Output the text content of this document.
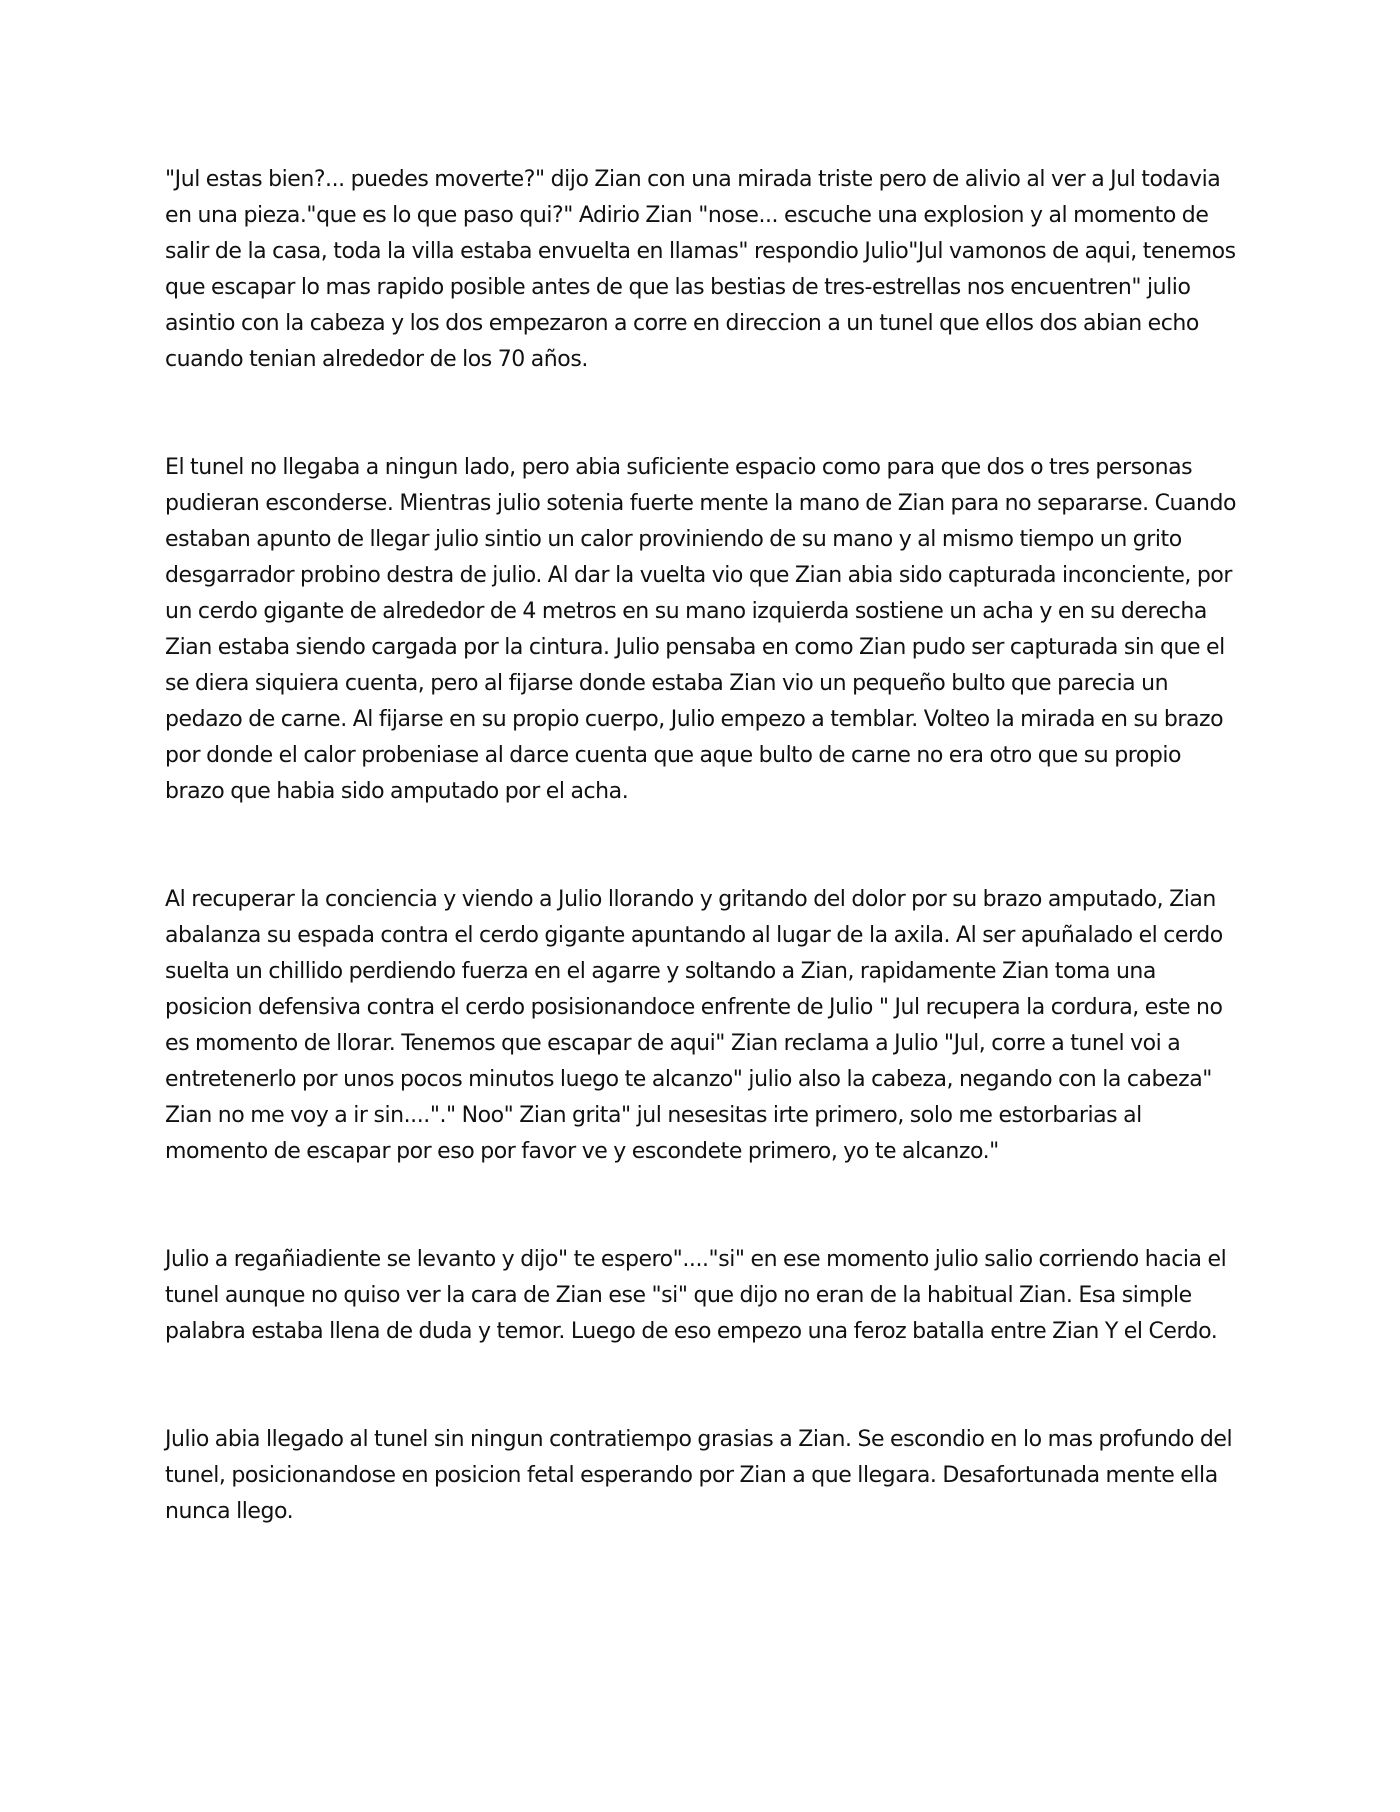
"Jul estas bien?... puedes moverte?" dijo Zian con una mirada triste pero de alivio al ver a Jul todavia en una pieza."que es lo que paso qui?" Adirio Zian "nose... escuche una explosion y al momento de salir de la casa, toda la villa estaba envuelta en llamas" respondio Julio"Jul vamonos de aqui, tenemos que escapar lo mas rapido posible antes de que las bestias de tres-estrellas nos encuentren" julio asintio con la cabeza y los dos empezaron a corre en direccion a un tunel que ellos dos abian echo cuando tenian alrededor de los 70 años.

El tunel no llegaba a ningun lado, pero abia suficiente espacio como para que dos o tres personas pudieran esconderse. Mientras julio sotenia fuerte mente la mano de Zian para no separarse. Cuando estaban apunto de llegar julio sintio un calor proviniendo de su mano y al mismo tiempo un grito desgarrador probino destra de julio. Al dar la vuelta vio que Zian abia sido capturada inconciente, por un cerdo gigante de alrededor de 4 metros en su mano izquierda sostiene un acha y en su derecha Zian estaba siendo cargada por la cintura. Julio pensaba en como Zian pudo ser capturada sin que el se diera siquiera cuenta, pero al fijarse donde estaba Zian vio un pequeño bulto que parecia un pedazo de carne. Al fijarse en su propio cuerpo, Julio empezo a temblar. Volteo la mirada en su brazo por donde el calor probeniase al darce cuenta que aque bulto de carne no era otro que su propio brazo que habia sido amputado por el acha.

Al recuperar la conciencia y viendo a Julio llorando y gritando del dolor por su brazo amputado, Zian abalanza su espada contra el cerdo gigante apuntando al lugar de la axila. Al ser apuñalado el cerdo suelta un chillido perdiendo fuerza en el agarre y soltando a Zian, rapidamente Zian toma una posicion defensiva contra el cerdo posisionandoce enfrente de Julio " Jul recupera la cordura, este no es momento de llorar. Tenemos que escapar de aqui" Zian reclama a Julio "Jul, corre a tunel voi a entretenerlo por unos pocos minutos luego te alcanzo" julio also la cabeza, negando con la cabeza" Zian no me voy a ir sin...."." Noo" Zian grita" jul nesesitas irte primero, solo me estorbarias al momento de escapar por eso por favor ve y escondete primero, yo te alcanzo."

Julio a regañiadiente se levanto y dijo" te espero"...."si" en ese momento julio salio corriendo hacia el tunel aunque no quiso ver la cara de Zian ese "si" que dijo no eran de la habitual Zian. Esa simple palabra estaba llena de duda y temor. Luego de eso empezo una feroz batalla entre Zian Y el Cerdo.

Julio abia llegado al tunel sin ningun contratiempo grasias a Zian. Se escondio en lo mas profundo del tunel, posicionandose en posicion fetal esperando por Zian a que llegara. Desafortunada mente ella nunca llego.
